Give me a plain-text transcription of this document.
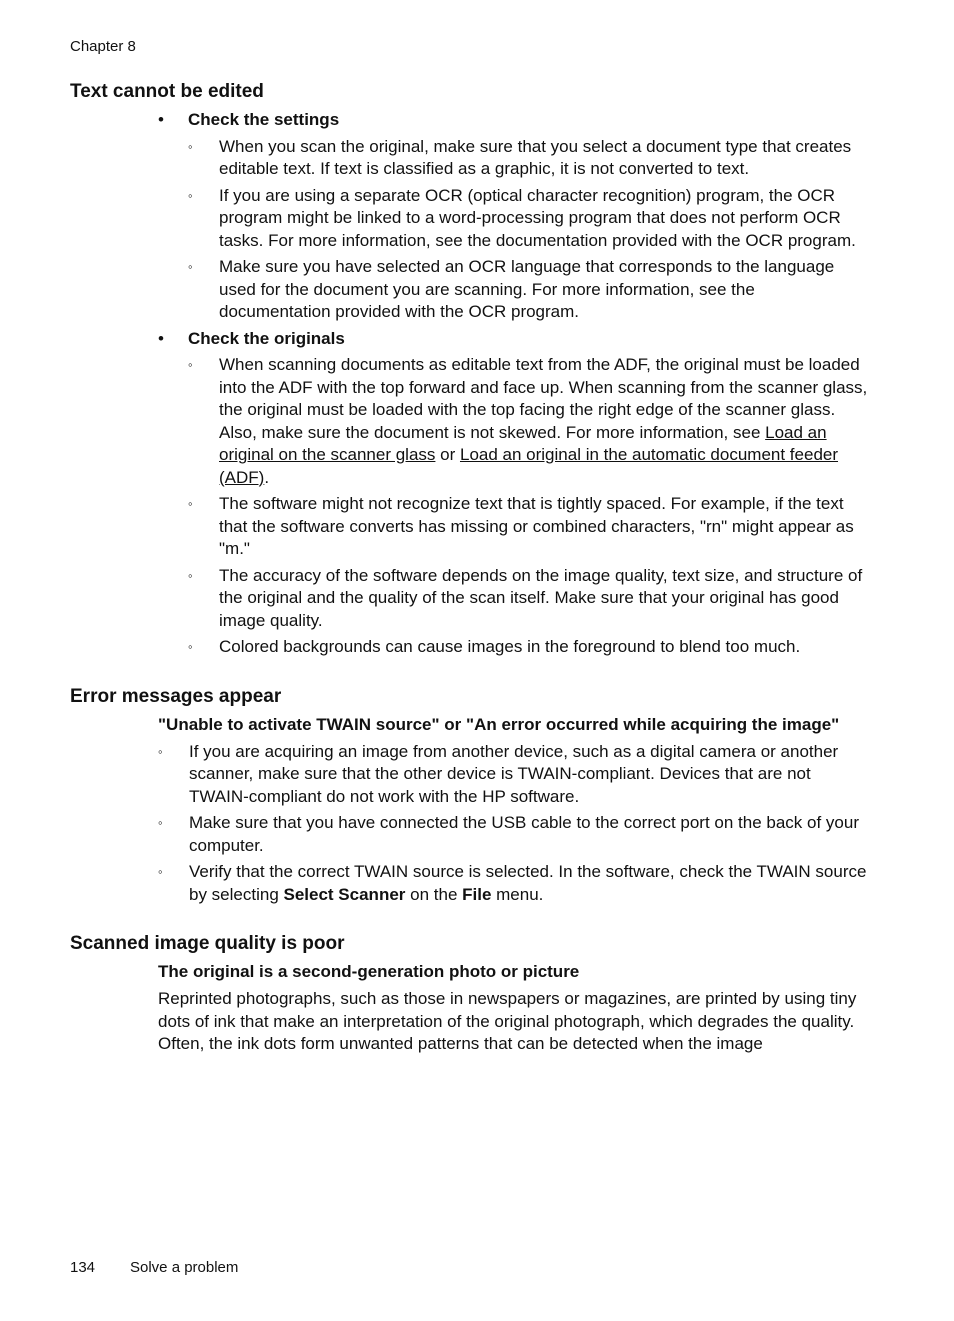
Chapter 8
Text cannot be edited
• Check the settings
◦ When you scan the original, make sure that you select a document type that creates editable text. If text is classified as a graphic, it is not converted to text.
◦ If you are using a separate OCR (optical character recognition) program, the OCR program might be linked to a word-processing program that does not perform OCR tasks. For more information, see the documentation provided with the OCR program.
◦ Make sure you have selected an OCR language that corresponds to the language used for the document you are scanning. For more information, see the documentation provided with the OCR program.
• Check the originals
◦ When scanning documents as editable text from the ADF, the original must be loaded into the ADF with the top forward and face up. When scanning from the scanner glass, the original must be loaded with the top facing the right edge of the scanner glass. Also, make sure the document is not skewed. For more information, see Load an original on the scanner glass or Load an original in the automatic document feeder (ADF).
◦ The software might not recognize text that is tightly spaced. For example, if the text that the software converts has missing or combined characters, "rn" might appear as "m."
◦ The accuracy of the software depends on the image quality, text size, and structure of the original and the quality of the scan itself. Make sure that your original has good image quality.
◦ Colored backgrounds can cause images in the foreground to blend too much.
Error messages appear
"Unable to activate TWAIN source" or "An error occurred while acquiring the image"
◦ If you are acquiring an image from another device, such as a digital camera or another scanner, make sure that the other device is TWAIN-compliant. Devices that are not TWAIN-compliant do not work with the HP software.
◦ Make sure that you have connected the USB cable to the correct port on the back of your computer.
◦ Verify that the correct TWAIN source is selected. In the software, check the TWAIN source by selecting Select Scanner on the File menu.
Scanned image quality is poor
The original is a second-generation photo or picture

Reprinted photographs, such as those in newspapers or magazines, are printed by using tiny dots of ink that make an interpretation of the original photograph, which degrades the quality. Often, the ink dots form unwanted patterns that can be detected when the image

134 Solve a problem
